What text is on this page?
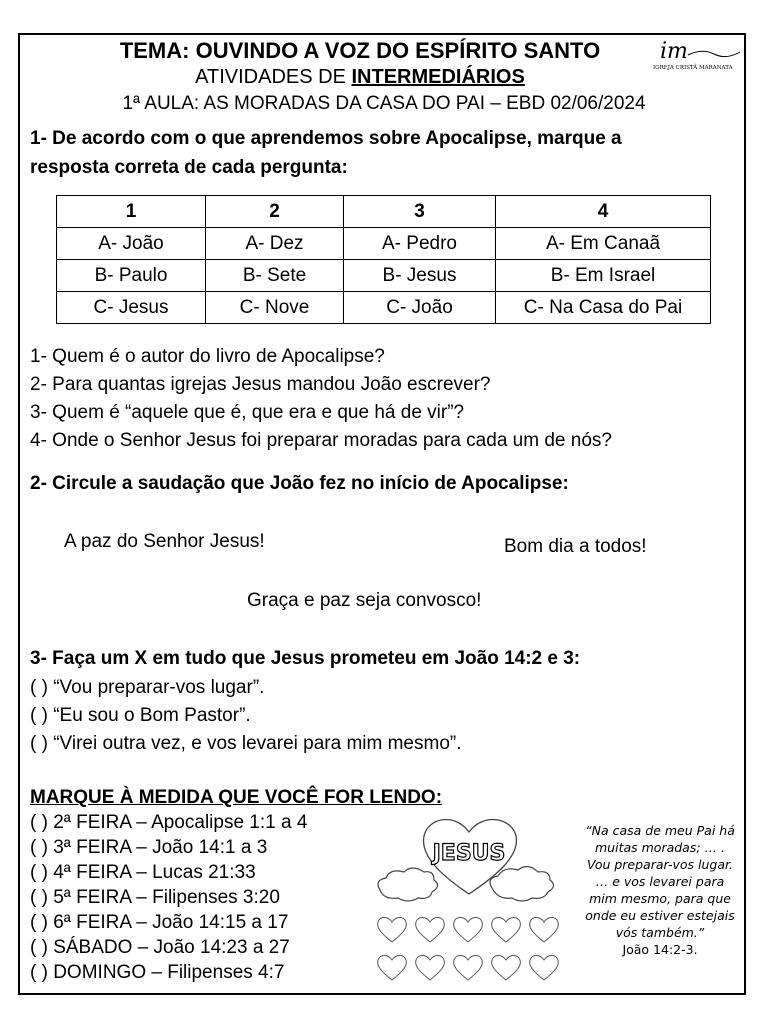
TEMA: OUVINDO A VOZ DO ESPÍRITO SANTO
ATIVIDADES DE INTERMEDIÁRIOS
1ª AULA: AS MORADAS DA CASA DO PAI – EBD 02/06/2024
im
IGREJA CRISTÃ MARANATA
1- De acordo com o que aprendemos sobre Apocalipse, marque a
resposta correta de cada pergunta:
1	2	3	4
A- João	A- Dez	A- Pedro	A- Em Canaã
B- Paulo	B- Sete	B- Jesus	B- Em Israel
C- Jesus	C- Nove	C- João	C- Na Casa do Pai
1- Quem é o autor do livro de Apocalipse?
2- Para quantas igrejas Jesus mandou João escrever?
3- Quem é “aquele que é, que era e que há de vir”?
4- Onde o Senhor Jesus foi preparar moradas para cada um de nós?
2- Circule a saudação que João fez no início de Apocalipse:
A paz do Senhor Jesus!	Bom dia a todos!
Graça e paz seja convosco!
3- Faça um X em tudo que Jesus prometeu em João 14:2 e 3:
( ) “Vou preparar-vos lugar”.
( ) “Eu sou o Bom Pastor”.
( ) “Virei outra vez, e vos levarei para mim mesmo”.
MARQUE À MEDIDA QUE VOCÊ FOR LENDO:
( ) 2ª FEIRA – Apocalipse 1:1 a 4
( ) 3ª FEIRA – João 14:1 a 3
( ) 4ª FEIRA – Lucas 21:33
( ) 5ª FEIRA – Filipenses 3:20
( ) 6ª FEIRA – João 14:15 a 17
( ) SÁBADO – João 14:23 a 27
( ) DOMINGO – Filipenses 4:7
JESUS
“Na casa de meu Pai há
muitas moradas; … .
Vou preparar-vos lugar.
… e vos levarei para
mim mesmo, para que
onde eu estiver estejais
vós também.”
João 14:2-3.
